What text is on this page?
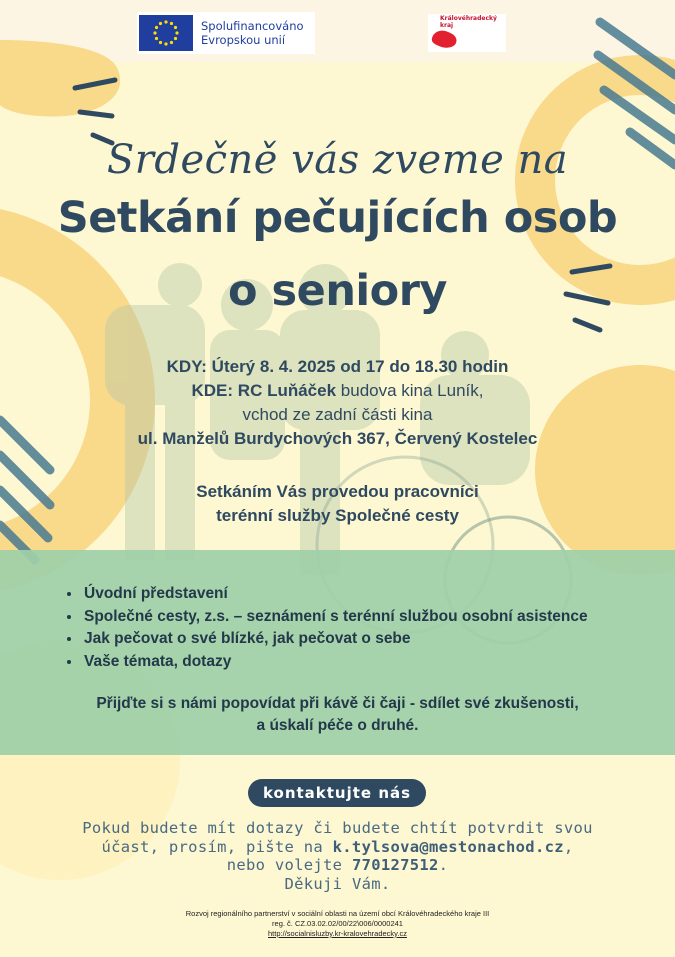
Spolufinancováno
Evropskou unií
Královéhradecký
kraj
Srdečně vás zveme na
Setkání pečujících osob
o seniory
KDY: Úterý 8. 4. 2025 od 17 do 18.30 hodin
KDE: RC Luňáček budova kina Luník,
vchod ze zadní části kina
ul. Manželů Burdychových 367, Červený Kostelec
Setkáním Vás provedou pracovníci
terénní služby Společné cesty
• Úvodní představení
• Společné cesty, z.s. – seznámení s terénní službou osobní asistence
• Jak pečovat o své blízké, jak pečovat o sebe
• Vaše témata, dotazy
Přijďte si s námi popovídat při kávě či čaji - sdílet své zkušenosti,
a úskalí péče o druhé.
kontaktujte nás
Pokud budete mít dotazy či budete chtít potvrdit svou
účast, prosím, pište na k.tylsova@mestonachod.cz,
nebo volejte 770127512.
Děkuji Vám.
Rozvoj regionálního partnerství v sociální oblasti na území obcí Královéhradeckého kraje III
reg. č. CZ.03.02.02/00/22\006/0000241
http://socialnisluzby.kr-kralovehradecky.cz
